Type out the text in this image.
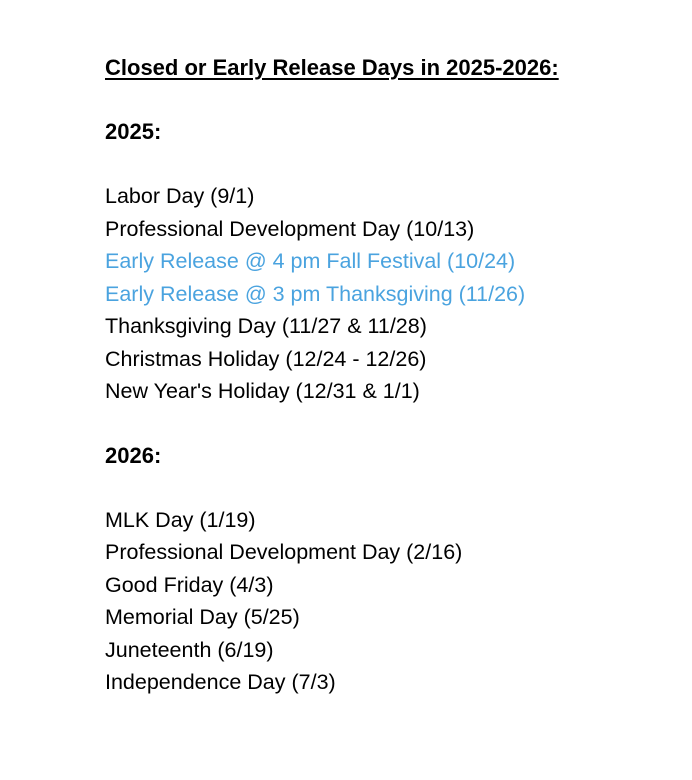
Closed or Early Release Days in 2025-2026:
2025:
Labor Day (9/1)
Professional Development Day (10/13)
Early Release @ 4 pm Fall Festival (10/24)
Early Release @ 3 pm Thanksgiving (11/26)
Thanksgiving Day (11/27 & 11/28)
Christmas Holiday (12/24 - 12/26)
New Year's Holiday (12/31 & 1/1)
2026:
MLK Day (1/19)
Professional Development Day (2/16)
Good Friday (4/3)
Memorial Day (5/25)
Juneteenth (6/19)
Independence Day (7/3)
